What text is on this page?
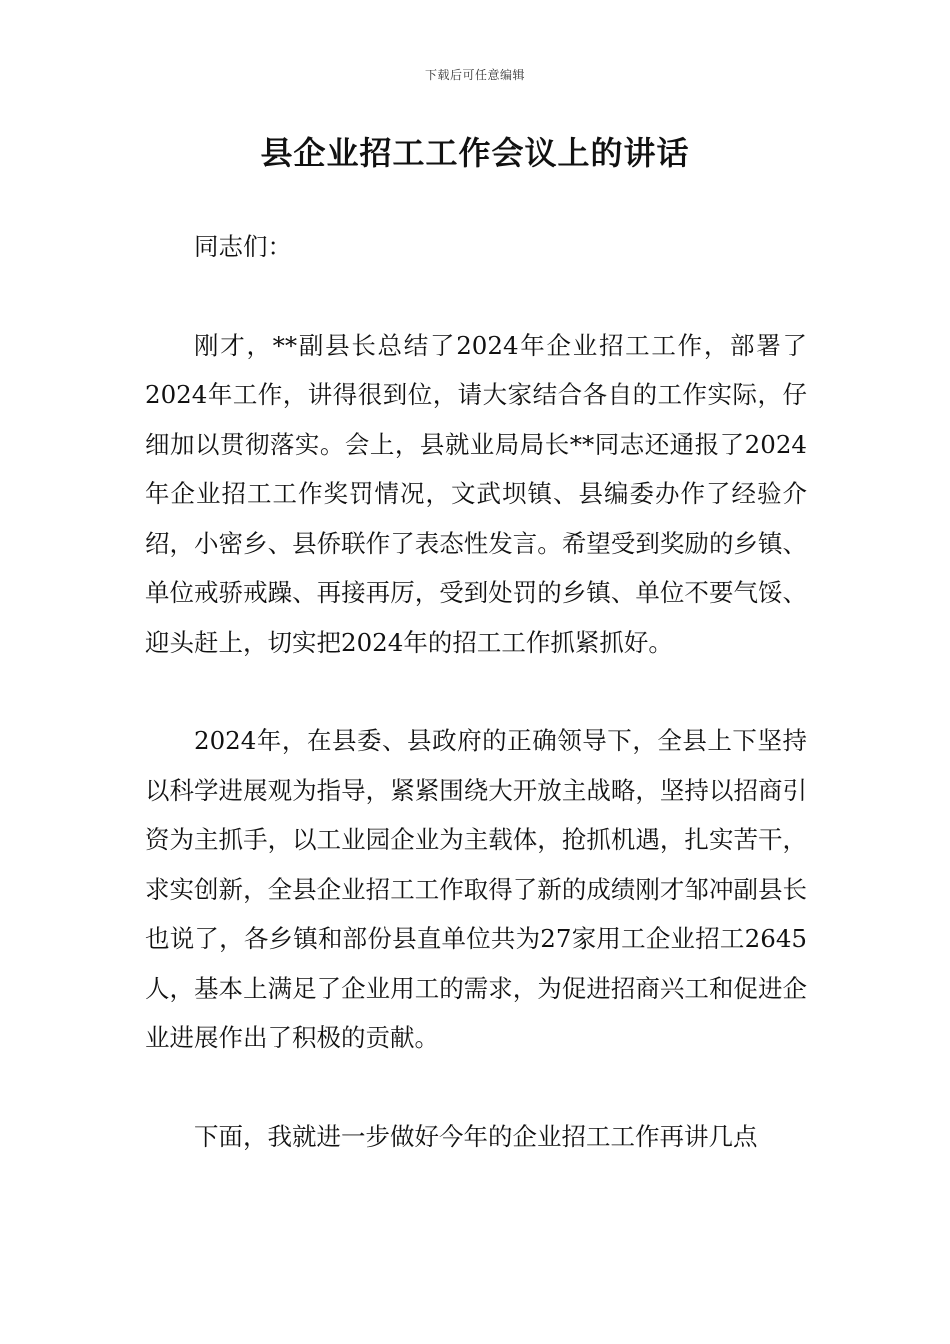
下载后可任意编辑
县企业招工工作会议上的讲话

同志们：

刚才，**副县长总结了2024年企业招工工作，部署了2024年工作，讲得很到位，请大家结合各自的工作实际，仔细加以贯彻落实。会上，县就业局局长**同志还通报了2024年企业招工工作奖罚情况，文武坝镇、县编委办作了经验介绍，小密乡、县侨联作了表态性发言。希望受到奖励的乡镇、单位戒骄戒躁、再接再厉，受到处罚的乡镇、单位不要气馁、迎头赶上，切实把2024年的招工工作抓紧抓好。

2024年，在县委、县政府的正确领导下，全县上下坚持以科学进展观为指导，紧紧围绕大开放主战略，坚持以招商引资为主抓手，以工业园企业为主载体，抢抓机遇，扎实苦干，求实创新，全县企业招工工作取得了新的成绩刚才邹冲副县长也说了，各乡镇和部份县直单位共为27家用工企业招工2645人，基本上满足了企业用工的需求，为促进招商兴工和促进企业进展作出了积极的贡献。

下面，我就进一步做好今年的企业招工工作再讲几点
